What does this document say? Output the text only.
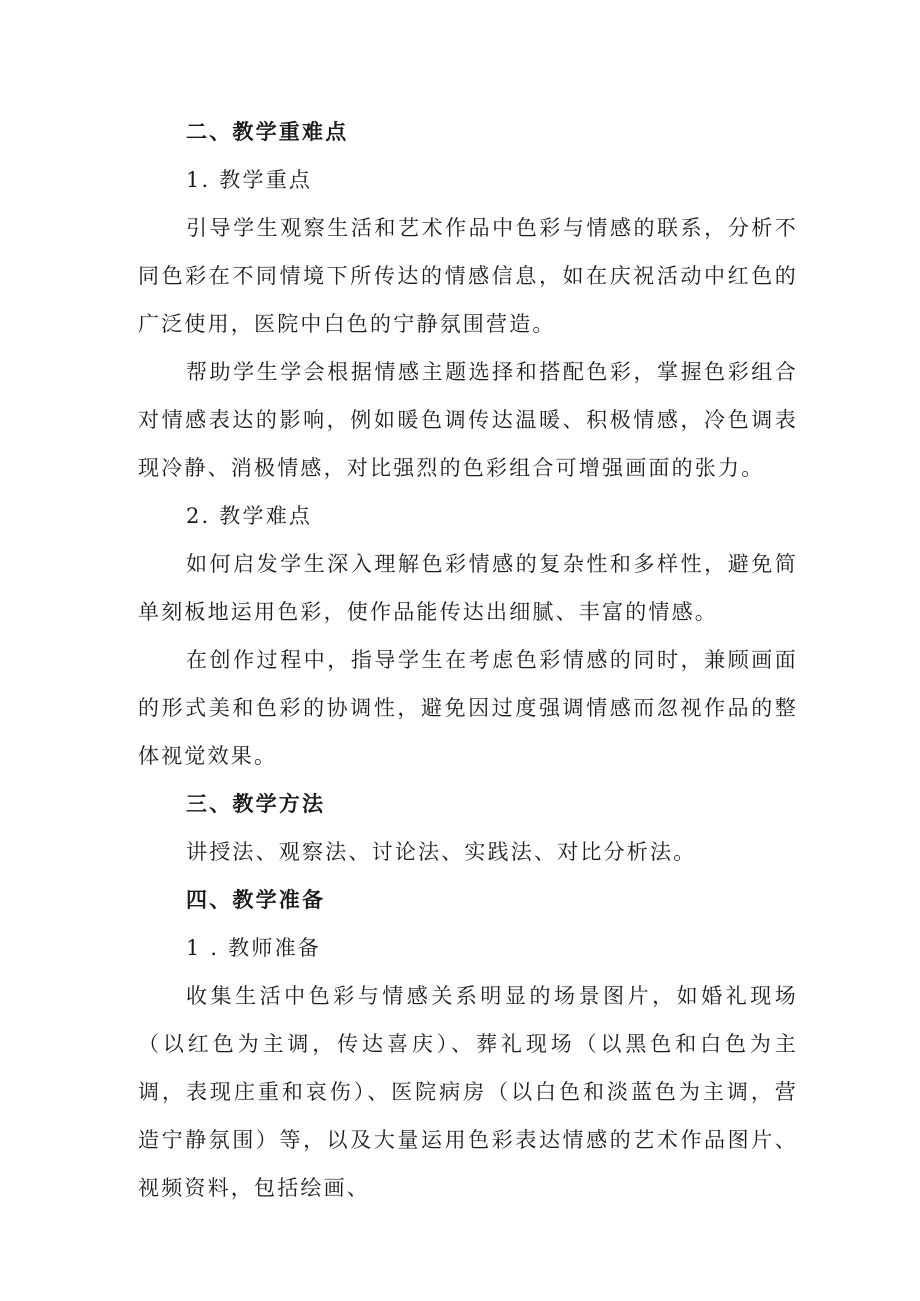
二、教学重难点

1. 教学重点

引导学生观察生活和艺术作品中色彩与情感的联系，分析不同色彩在不同情境下所传达的情感信息，如在庆祝活动中红色的广泛使用，医院中白色的宁静氛围营造。

帮助学生学会根据情感主题选择和搭配色彩，掌握色彩组合对情感表达的影响，例如暖色调传达温暖、积极情感，冷色调表现冷静、消极情感，对比强烈的色彩组合可增强画面的张力。

2. 教学难点

如何启发学生深入理解色彩情感的复杂性和多样性，避免简单刻板地运用色彩，使作品能传达出细腻、丰富的情感。

在创作过程中，指导学生在考虑色彩情感的同时，兼顾画面的形式美和色彩的协调性，避免因过度强调情感而忽视作品的整体视觉效果。

三、教学方法

讲授法、观察法、讨论法、实践法、对比分析法。

四、教学准备

1 . 教师准备

收集生活中色彩与情感关系明显的场景图片，如婚礼现场（以红色为主调，传达喜庆）、葬礼现场（以黑色和白色为主调，表现庄重和哀伤）、医院病房（以白色和淡蓝色为主调，营造宁静氛围）等，以及大量运用色彩表达情感的艺术作品图片、视频资料，包括绘画、
